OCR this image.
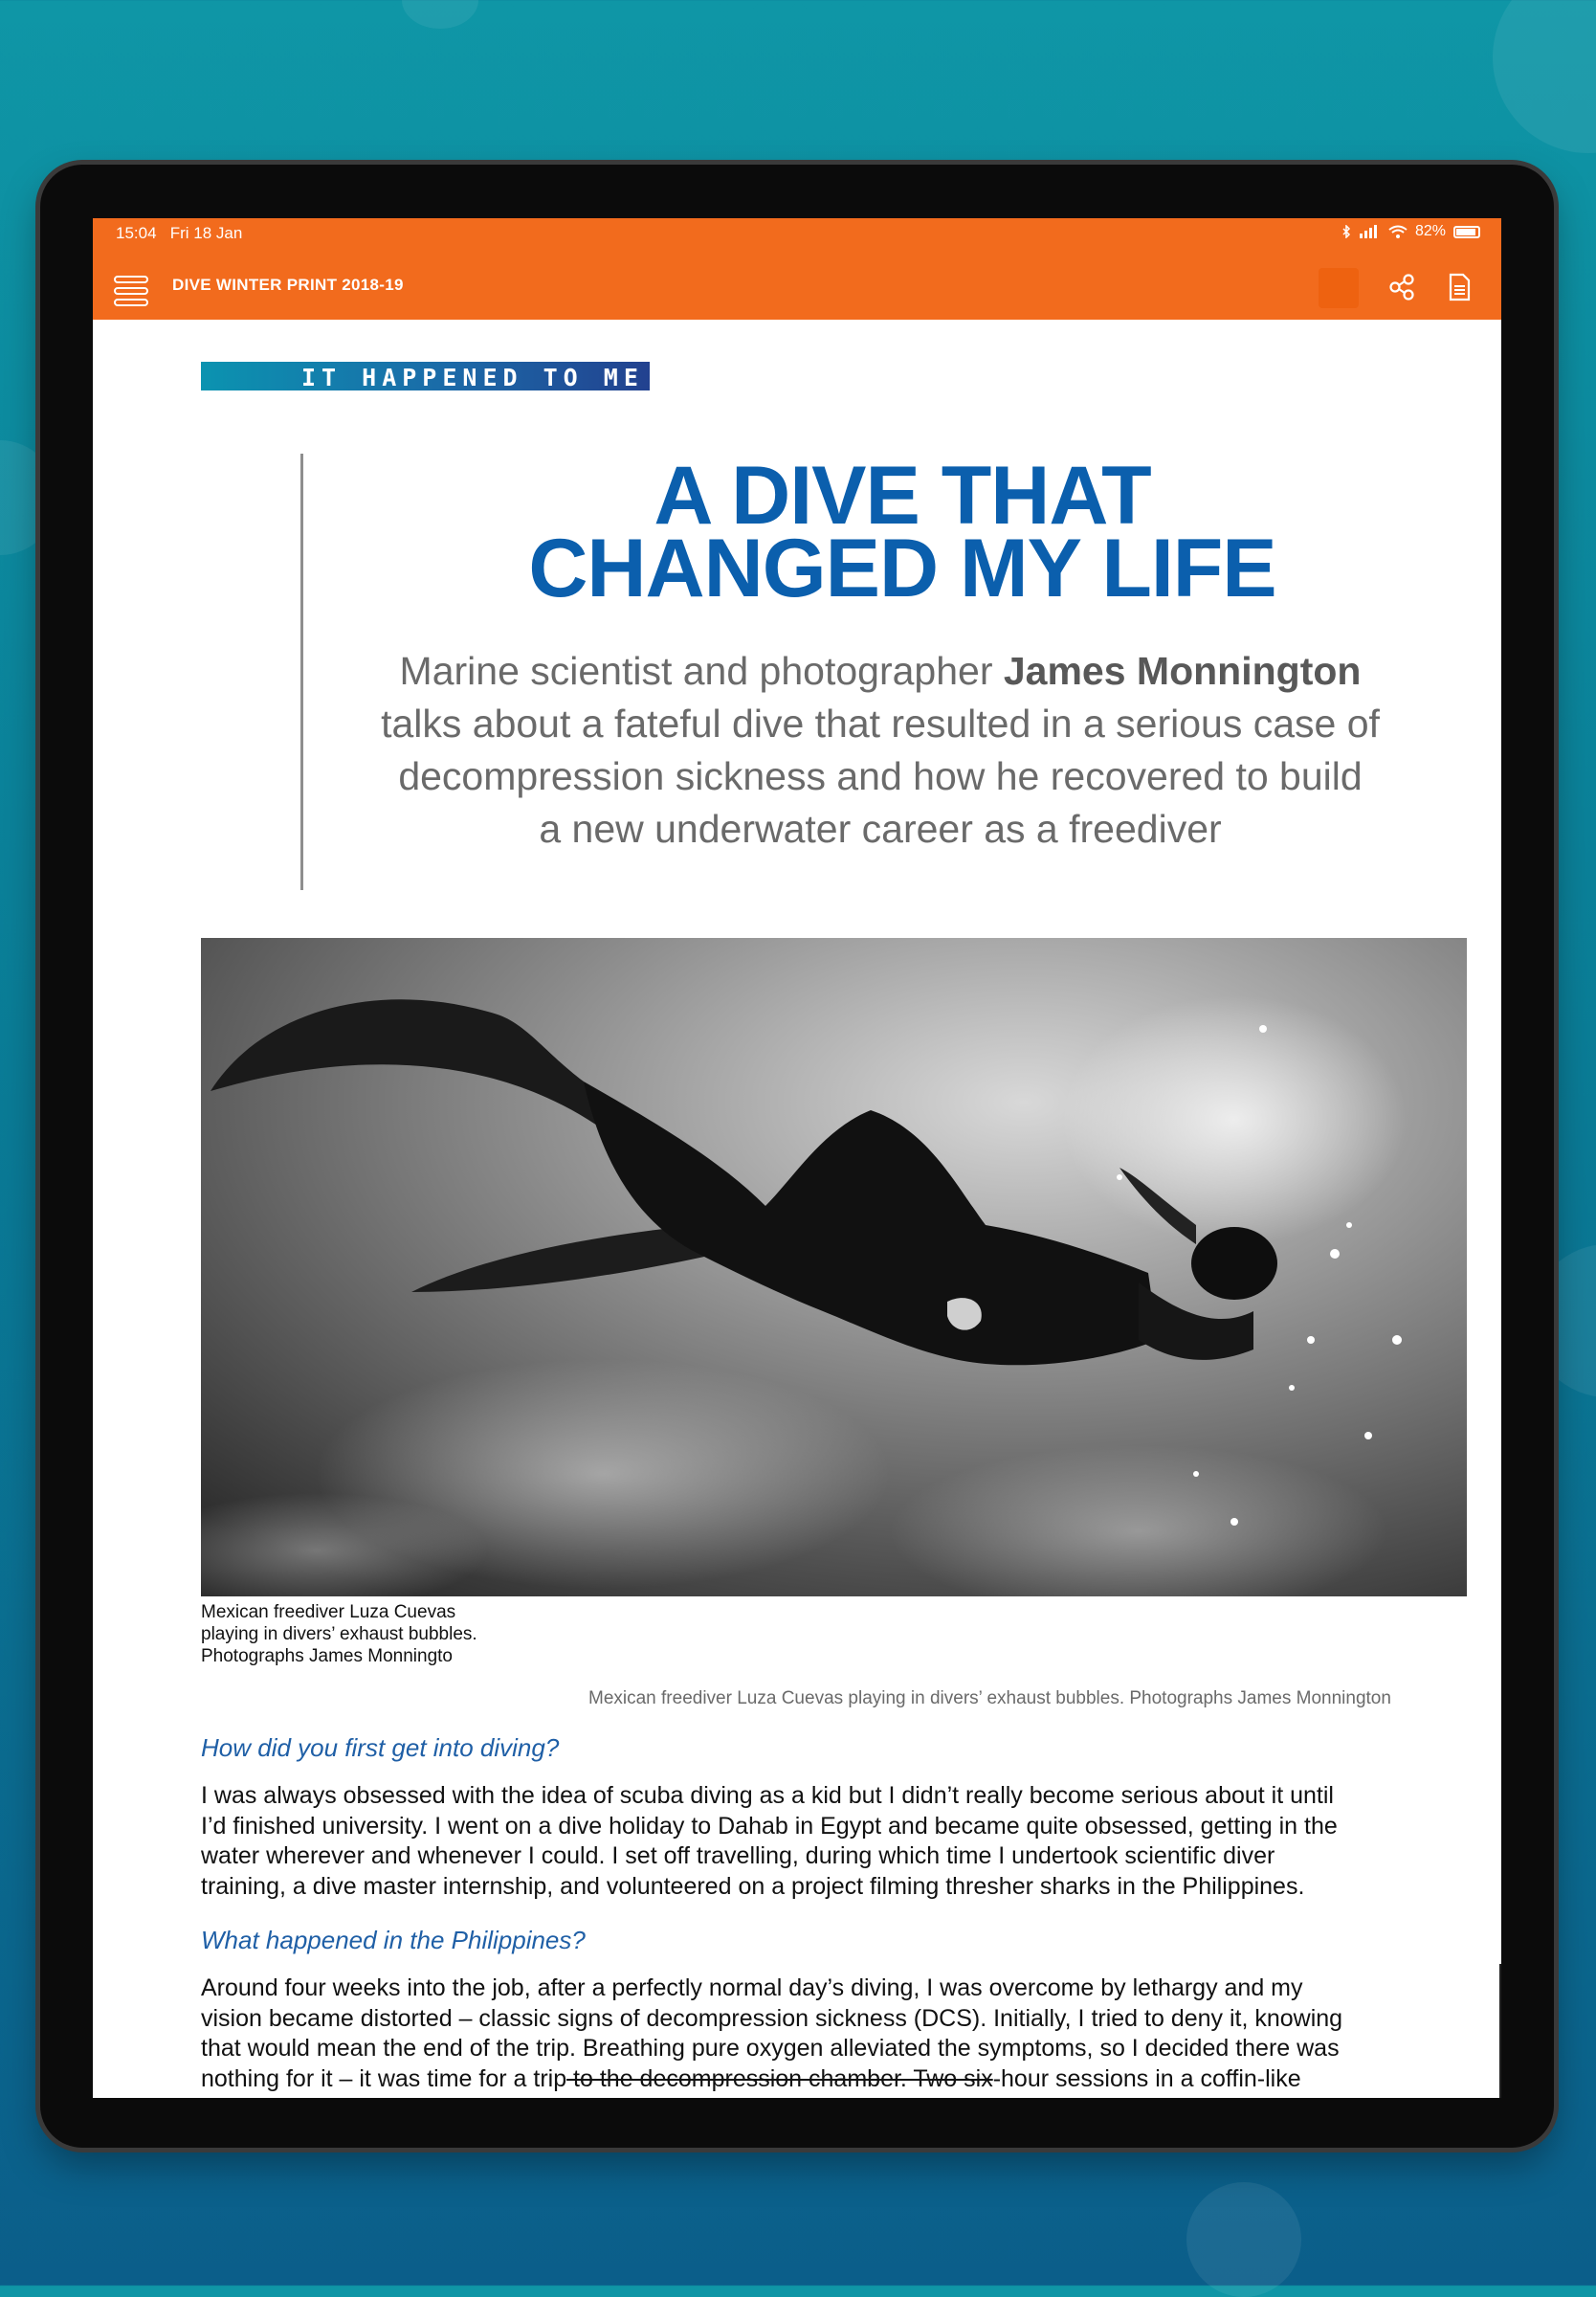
15:04 Fri 18 Jan	82%
DIVE WINTER PRINT 2018-19
IT HAPPENED TO ME
A DIVE THAT
CHANGED MY LIFE
Marine scientist and photographer James Monnington
talks about a fateful dive that resulted in a serious case of
decompression sickness and how he recovered to build
a new underwater career as a freediver
Mexican freediver Luza Cuevas
playing in divers’ exhaust bubbles.
Photographs James Monningto
Mexican freediver Luza Cuevas playing in divers’ exhaust bubbles. Photographs James Monnington
How did you first get into diving?
I was always obsessed with the idea of scuba diving as a kid but I didn’t really become serious about it until
I’d finished university. I went on a dive holiday to Dahab in Egypt and became quite obsessed, getting in the
water wherever and whenever I could. I set off travelling, during which time I undertook scientific diver
training, a dive master internship, and volunteered on a project filming thresher sharks in the Philippines.
What happened in the Philippines?
Around four weeks into the job, after a perfectly normal day’s diving, I was overcome by lethargy and my
vision became distorted – classic signs of decompression sickness (DCS). Initially, I tried to deny it, knowing
that would mean the end of the trip. Breathing pure oxygen alleviated the symptoms, so I decided there was
nothing for it – it was time for a trip to the decompression chamber. Two six-hour sessions in a coffin-like
